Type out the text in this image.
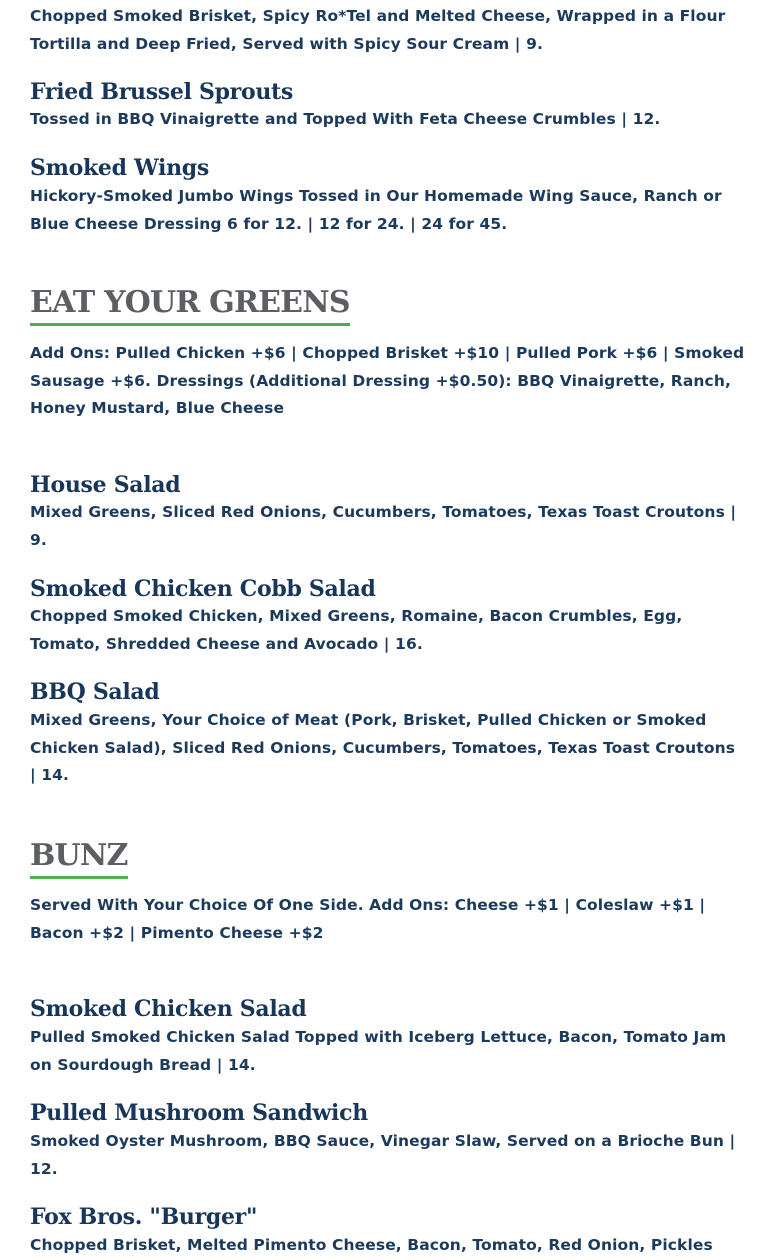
Chopped Smoked Brisket, Spicy Ro*Tel and Melted Cheese, Wrapped in a Flour Tortilla and Deep Fried, Served with Spicy Sour Cream | 9.

Fried Brussel Sprouts

Tossed in BBQ Vinaigrette and Topped With Feta Cheese Crumbles | 12.

Smoked Wings

Hickory-Smoked Jumbo Wings Tossed in Our Homemade Wing Sauce, Ranch or Blue Cheese Dressing 6 for 12. | 12 for 24. | 24 for 45.

EAT YOUR GREENS

Add Ons: Pulled Chicken +$6 | Chopped Brisket +$10 | Pulled Pork +$6 | Smoked Sausage +$6. Dressings (Additional Dressing +$0.50): BBQ Vinaigrette, Ranch, Honey Mustard, Blue Cheese

House Salad

Mixed Greens, Sliced Red Onions, Cucumbers, Tomatoes, Texas Toast Croutons | 9.

Smoked Chicken Cobb Salad

Chopped Smoked Chicken, Mixed Greens, Romaine, Bacon Crumbles, Egg, Tomato, Shredded Cheese and Avocado | 16.

BBQ Salad

Mixed Greens, Your Choice of Meat (Pork, Brisket, Pulled Chicken or Smoked Chicken Salad), Sliced Red Onions, Cucumbers, Tomatoes, Texas Toast Croutons | 14.

BUNZ

Served With Your Choice Of One Side. Add Ons: Cheese +$1 | Coleslaw +$1 | Bacon +$2 | Pimento Cheese +$2

Smoked Chicken Salad

Pulled Smoked Chicken Salad Topped with Iceberg Lettuce, Bacon, Tomato Jam on Sourdough Bread | 14.

Pulled Mushroom Sandwich

Smoked Oyster Mushroom, BBQ Sauce, Vinegar Slaw, Served on a Brioche Bun | 12.

Fox Bros. "Burger"

Chopped Brisket, Melted Pimento Cheese, Bacon, Tomato, Red Onion, Pickles
